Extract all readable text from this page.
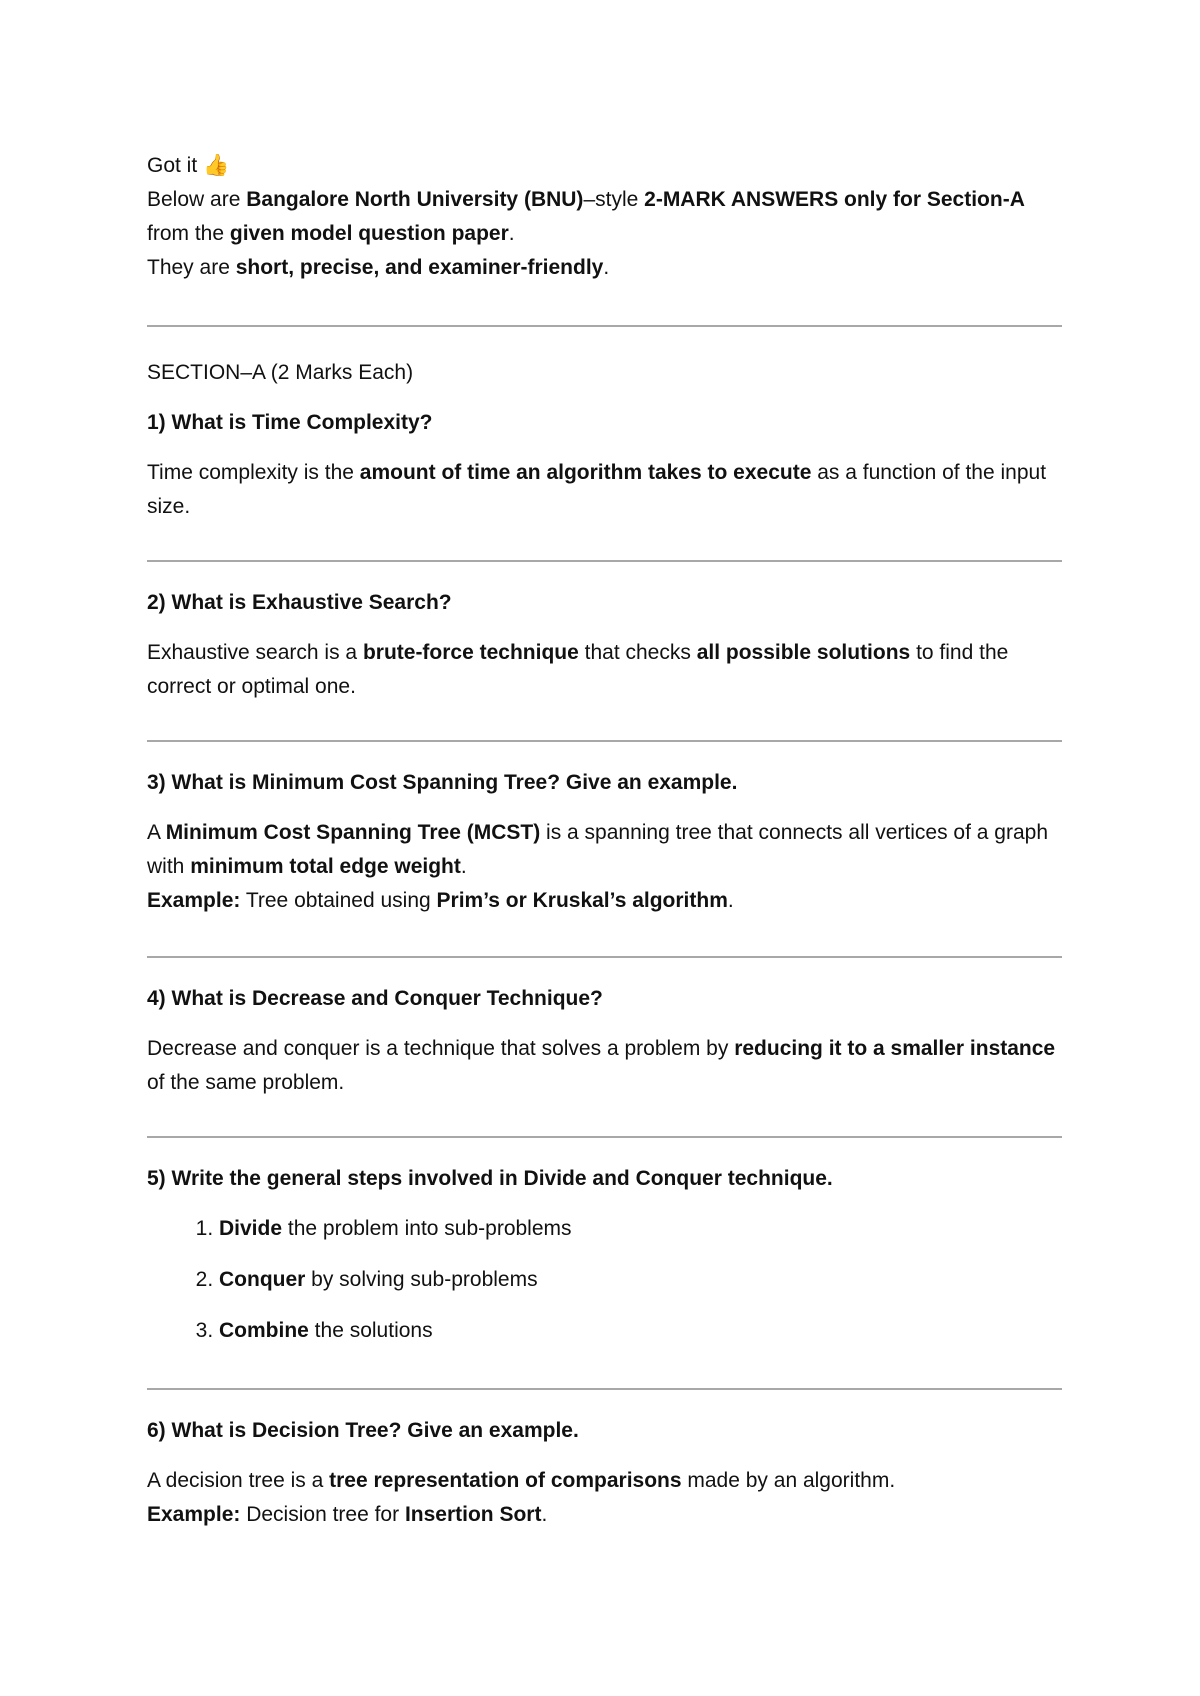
Got it 👍

Below are Bangalore North University (BNU)–style 2-MARK ANSWERS only for Section-A from the given model question paper.

They are short, precise, and examiner-friendly.

SECTION–A (2 Marks Each)

1) What is Time Complexity?

Time complexity is the amount of time an algorithm takes to execute as a function of the input size.

2) What is Exhaustive Search?

Exhaustive search is a brute-force technique that checks all possible solutions to find the correct or optimal one.

3) What is Minimum Cost Spanning Tree? Give an example.

A Minimum Cost Spanning Tree (MCST) is a spanning tree that connects all vertices of a graph with minimum total edge weight.
Example: Tree obtained using Prim’s or Kruskal’s algorithm.

4) What is Decrease and Conquer Technique?

Decrease and conquer is a technique that solves a problem by reducing it to a smaller instance of the same problem.

5) Write the general steps involved in Divide and Conquer technique.

1. Divide the problem into sub-problems
2. Conquer by solving sub-problems
3. Combine the solutions

6) What is Decision Tree? Give an example.

A decision tree is a tree representation of comparisons made by an algorithm.
Example: Decision tree for Insertion Sort.
